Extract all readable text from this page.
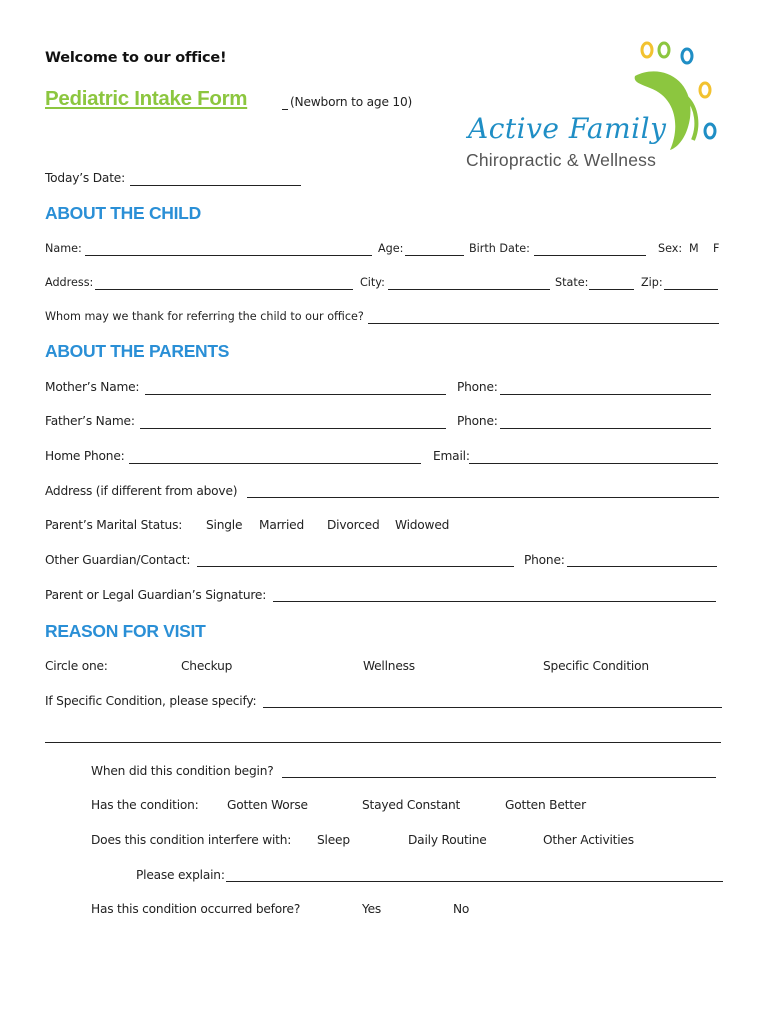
Welcome to our office!
Pediatric Intake Form	(Newborn to age 10)
Active Family
Chiropractic & Wellness
Today’s Date:
ABOUT THE CHILD
Name:	Age:	Birth Date:	Sex: M F
Address:	City:	State:	Zip:
Whom may we thank for referring the child to our office?
ABOUT THE PARENTS
Mother’s Name:	Phone:
Father’s Name:	Phone:
Home Phone:	Email:
Address (if different from above)
Parent’s Marital Status: Single Married Divorced Widowed
Other Guardian/Contact:	Phone:
Parent or Legal Guardian’s Signature:
REASON FOR VISIT
Circle one:	Checkup	Wellness	Specific Condition
If Specific Condition, please specify:
When did this condition begin?
Has the condition: Gotten Worse	Stayed Constant	Gotten Better
Does this condition interfere with: Sleep	Daily Routine	Other Activities
Please explain:
Has this condition occurred before?	Yes	No
